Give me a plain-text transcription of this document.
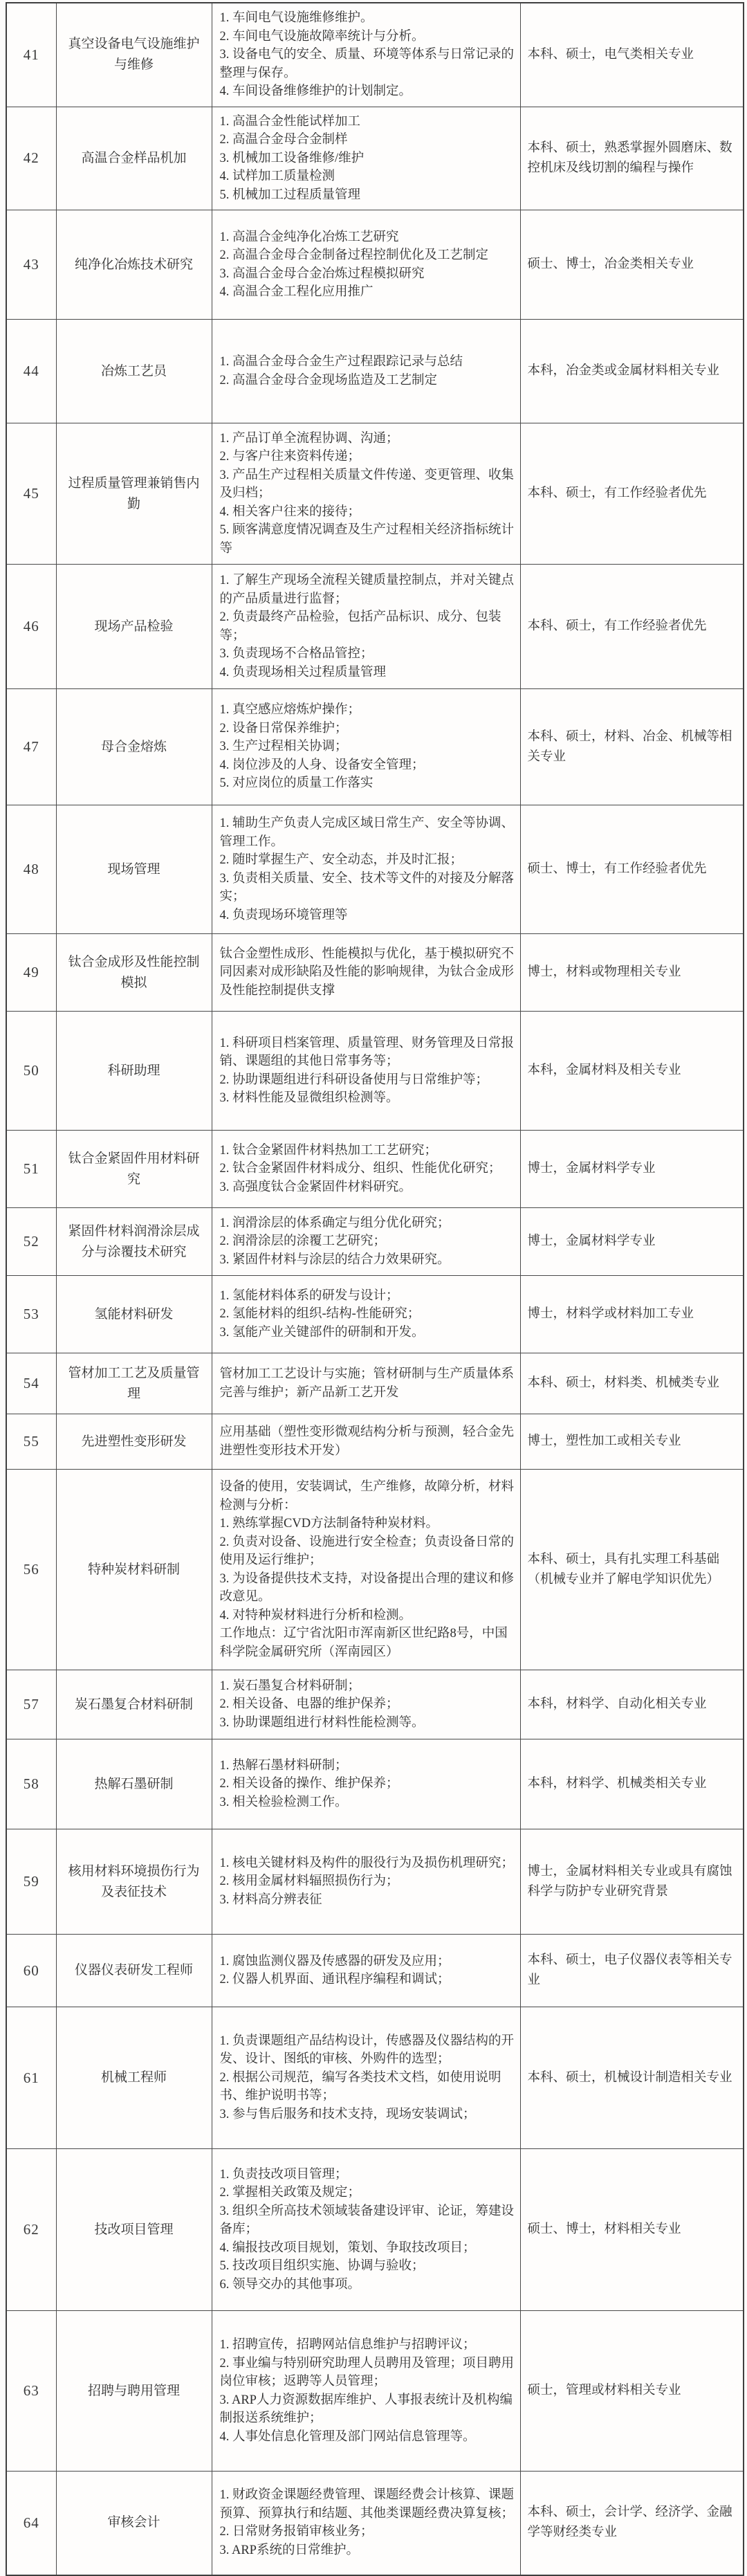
41	真空设备电气设施维护与维修	1. 车间电气设施维修维护。
2. 车间电气设施故障率统计与分析。
3. 设备电气的安全、质量、环境等体系与日常记录的整理与保存。
4. 车间设备维修维护的计划制定。	本科、硕士，电气类相关专业
42	高温合金样品机加	1. 高温合金性能试样加工
2. 高温合金母合金制样
3. 机械加工设备维修/维护
4. 试样加工质量检测
5. 机械加工过程质量管理	本科、硕士，熟悉掌握外圆磨床、数控机床及线切割的编程与操作
43	纯净化冶炼技术研究	1. 高温合金纯净化冶炼工艺研究
2. 高温合金母合金制备过程控制优化及工艺制定
3. 高温合金母合金冶炼过程模拟研究
4. 高温合金工程化应用推广	硕士、博士，冶金类相关专业
44	冶炼工艺员	1. 高温合金母合金生产过程跟踪记录与总结
2. 高温合金母合金现场监造及工艺制定	本科，冶金类或金属材料相关专业
45	过程质量管理兼销售内勤	1. 产品订单全流程协调、沟通；
2. 与客户往来资料传递；
3. 产品生产过程相关质量文件传递、变更管理、收集及归档；
4. 相关客户往来的接待；
5. 顾客满意度情况调查及生产过程相关经济指标统计等	本科、硕士，有工作经验者优先
46	现场产品检验	1. 了解生产现场全流程关键质量控制点，并对关键点的产品质量进行监督；
2. 负责最终产品检验，包括产品标识、成分、包装等；
3. 负责现场不合格品管控；
4. 负责现场相关过程质量管理	本科、硕士，有工作经验者优先
47	母合金熔炼	1. 真空感应熔炼炉操作；
2. 设备日常保养维护；
3. 生产过程相关协调；
4. 岗位涉及的人身、设备安全管理；
5. 对应岗位的质量工作落实	本科、硕士，材料、冶金、机械等相关专业
48	现场管理	1. 辅助生产负责人完成区域日常生产、安全等协调、管理工作。
2. 随时掌握生产、安全动态，并及时汇报；
3. 负责相关质量、安全、技术等文件的对接及分解落实；
4. 负责现场环境管理等	硕士、博士，有工作经验者优先
49	钛合金成形及性能控制模拟	钛合金塑性成形、性能模拟与优化，基于模拟研究不同因素对成形缺陷及性能的影响规律，为钛合金成形及性能控制提供支撑	博士，材料或物理相关专业
50	科研助理	1. 科研项目档案管理、质量管理、财务管理及日常报销、课题组的其他日常事务等；
2. 协助课题组进行科研设备使用与日常维护等；
3. 材料性能及显微组织检测等。	本科，金属材料及相关专业
51	钛合金紧固件用材料研究	1. 钛合金紧固件材料热加工工艺研究；
2. 钛合金紧固件材料成分、组织、性能优化研究；
3. 高强度钛合金紧固件材料研究。	博士，金属材料学专业
52	紧固件材料润滑涂层成分与涂覆技术研究	1. 润滑涂层的体系确定与组分优化研究；
2. 润滑涂层的涂覆工艺研究；
3. 紧固件材料与涂层的结合力效果研究。	博士，金属材料学专业
53	氢能材料研发	1. 氢能材料体系的研发与设计；
2. 氢能材料的组织-结构-性能研究；
3. 氢能产业关键部件的研制和开发。	博士，材料学或材料加工专业
54	管材加工工艺及质量管理	管材加工工艺设计与实施；管材研制与生产质量体系完善与维护；新产品新工艺开发	本科、硕士，材料类、机械类专业
55	先进塑性变形研发	应用基础（塑性变形微观结构分析与预测，轻合金先进塑性变形技术开发）	博士，塑性加工或相关专业
56	特种炭材料研制	
设备的使用，安装调试，生产维修，故障分析，材料检测与分析：
1. 熟练掌握CVD方法制备特种炭材料。
2. 负责对设备、设施进行安全检查；负责设备日常的使用及运行维护；
3. 为设备提供技术支持，对设备提出合理的建议和修改意见。
4. 对特种炭材料进行分析和检测。
工作地点：辽宁省沈阳市浑南新区世纪路8号，中国科学院金属研究所（浑南园区）
	本科、硕士，具有扎实理工科基础（机械专业并了解电学知识优先）
57	炭石墨复合材料研制	1. 炭石墨复合材料研制；
2. 相关设备、电器的维护保养；
3. 协助课题组进行材料性能检测等。	本科，材料学、自动化相关专业
58	热解石墨研制	1. 热解石墨材料研制；
2. 相关设备的操作、维护保养；
3. 相关检验检测工作。	本科，材料学、机械类相关专业
59	核用材料环境损伤行为及表征技术	1. 核电关键材料及构件的服役行为及损伤机理研究；
2. 核用金属材料辐照损伤行为；
3. 材料高分辨表征	博士，金属材料相关专业或具有腐蚀科学与防护专业研究背景
60	仪器仪表研发工程师	1. 腐蚀监测仪器及传感器的研发及应用；
2. 仪器人机界面、通讯程序编程和调试；	本科、硕士，电子仪器仪表等相关专业
61	机械工程师	1. 负责课题组产品结构设计，传感器及仪器结构的开发、设计、图纸的审核、外购件的选型；
2. 根据公司规范，编写各类技术文档，如使用说明书、维护说明书等；
3. 参与售后服务和技术支持，现场安装调试；	本科、硕士，机械设计制造相关专业
62	技改项目管理	
1. 负责技改项目管理；
2. 掌握相关政策及规定；
3. 组织全所高技术领域装备建设评审、论证，筹建设备库；
4. 编报技改项目规划，策划、争取技改项目；
5. 技改项目组织实施、协调与验收；
6. 领导交办的其他事项。
	硕士、博士，材料相关专业
63	招聘与聘用管理	1. 招聘宣传，招聘网站信息维护与招聘评议；
2. 事业编与特别研究助理人员聘用及管理；项目聘用岗位审核；返聘等人员管理；
3. ARP人力资源数据库维护、人事报表统计及机构编制报送系统维护；
4. 人事处信息化管理及部门网站信息管理等。	硕士，管理或材料相关专业
64	审核会计	1. 财政资金课题经费管理、课题经费会计核算、课题预算、预算执行和结题、其他类课题经费决算复核；
2. 日常财务报销审核业务；
3. ARP系统的日常维护。	本科、硕士，会计学、经济学、金融学等财经类专业
